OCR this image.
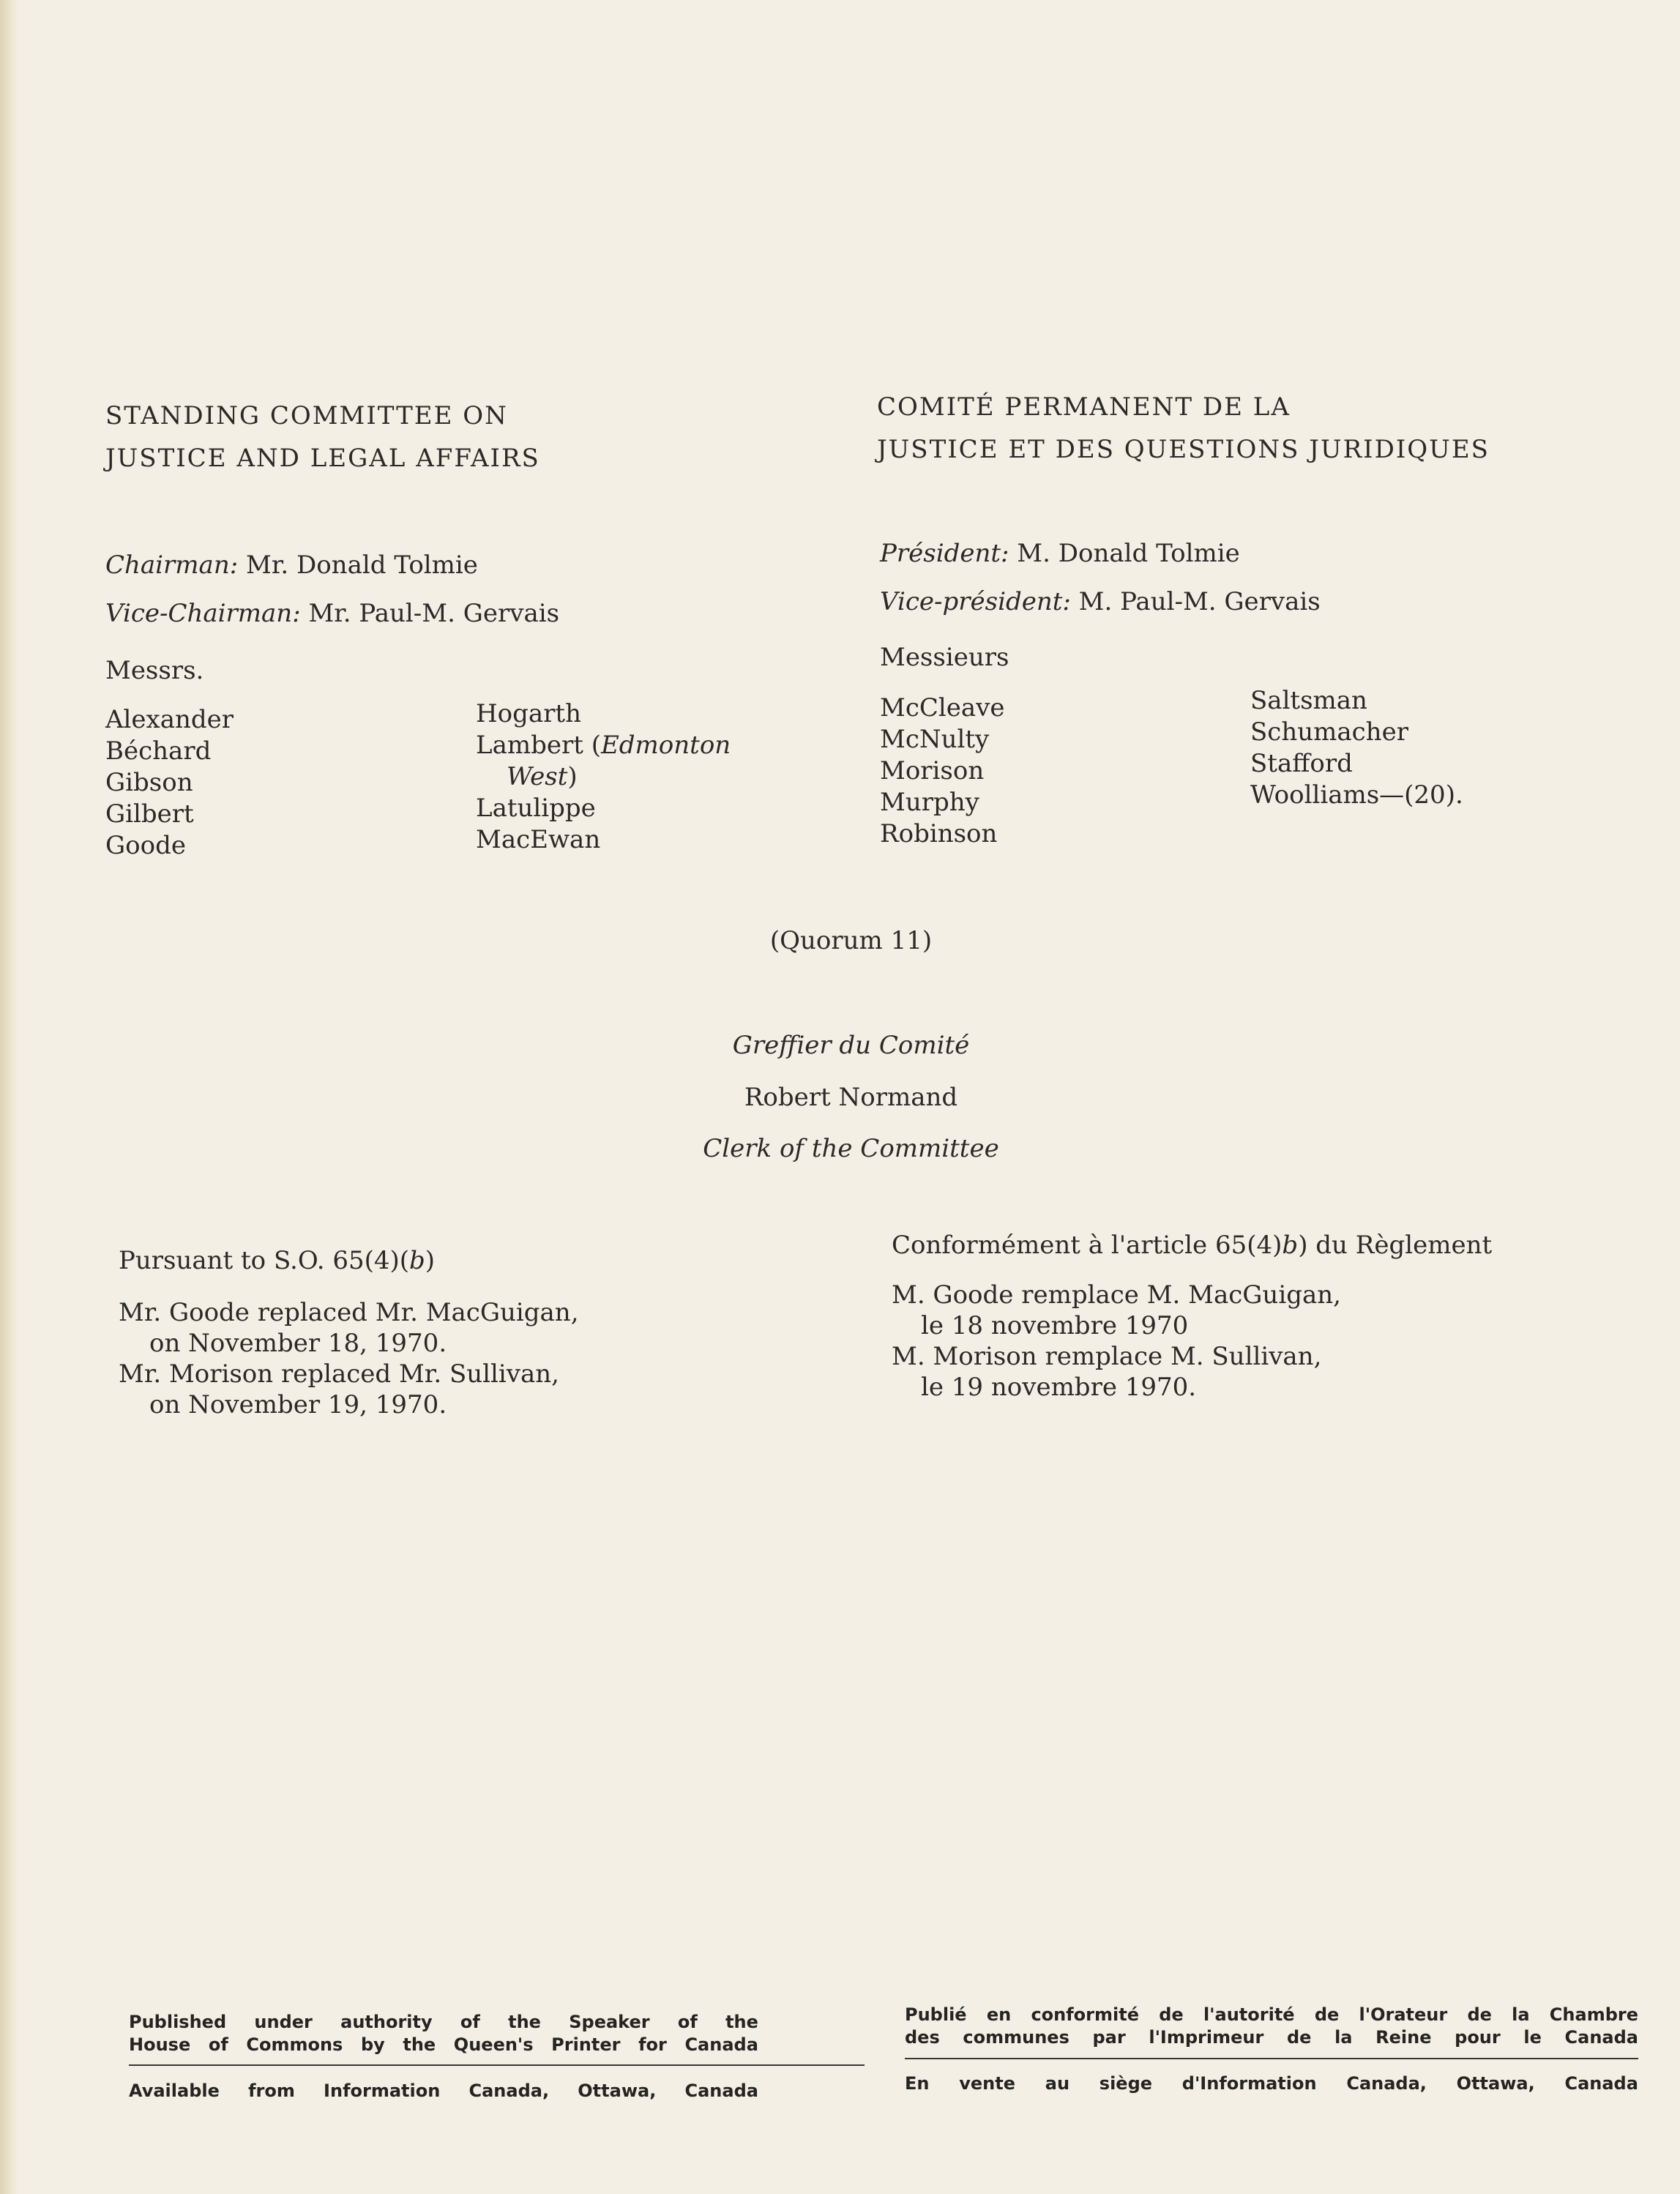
STANDING COMMITTEE ON
JUSTICE AND LEGAL AFFAIRS
COMITÉ PERMANENT DE LA
JUSTICE ET DES QUESTIONS JURIDIQUES
Chairman: Mr. Donald Tolmie
Vice-Chairman: Mr. Paul-M. Gervais
Messrs.
Président: M. Donald Tolmie
Vice-président: M. Paul-M. Gervais
Messieurs
Alexander
Béchard
Gibson
Gilbert
Goode
Hogarth
Lambert (Edmonton
West)
Latulippe
MacEwan
McCleave
McNulty
Morison
Murphy
Robinson
Saltsman
Schumacher
Stafford
Woolliams—(20).
(Quorum 11)
Greffier du Comité
Robert Normand
Clerk of the Committee
Pursuant to S.O. 65(4)(b)
Mr. Goode replaced Mr. MacGuigan,
on November 18, 1970.
Mr. Morison replaced Mr. Sullivan,
on November 19, 1970.
Conformément à l'article 65(4)b) du Règlement
M. Goode remplace M. MacGuigan,
le 18 novembre 1970
M. Morison remplace M. Sullivan,
le 19 novembre 1970.
Published under authority of the Speaker of the
House of Commons by the Queen's Printer for Canada
Available from Information Canada, Ottawa, Canada
Publié en conformité de l'autorité de l'Orateur de la Chambre
des communes par l'Imprimeur de la Reine pour le Canada
En vente au siège d'Information Canada, Ottawa, Canada
